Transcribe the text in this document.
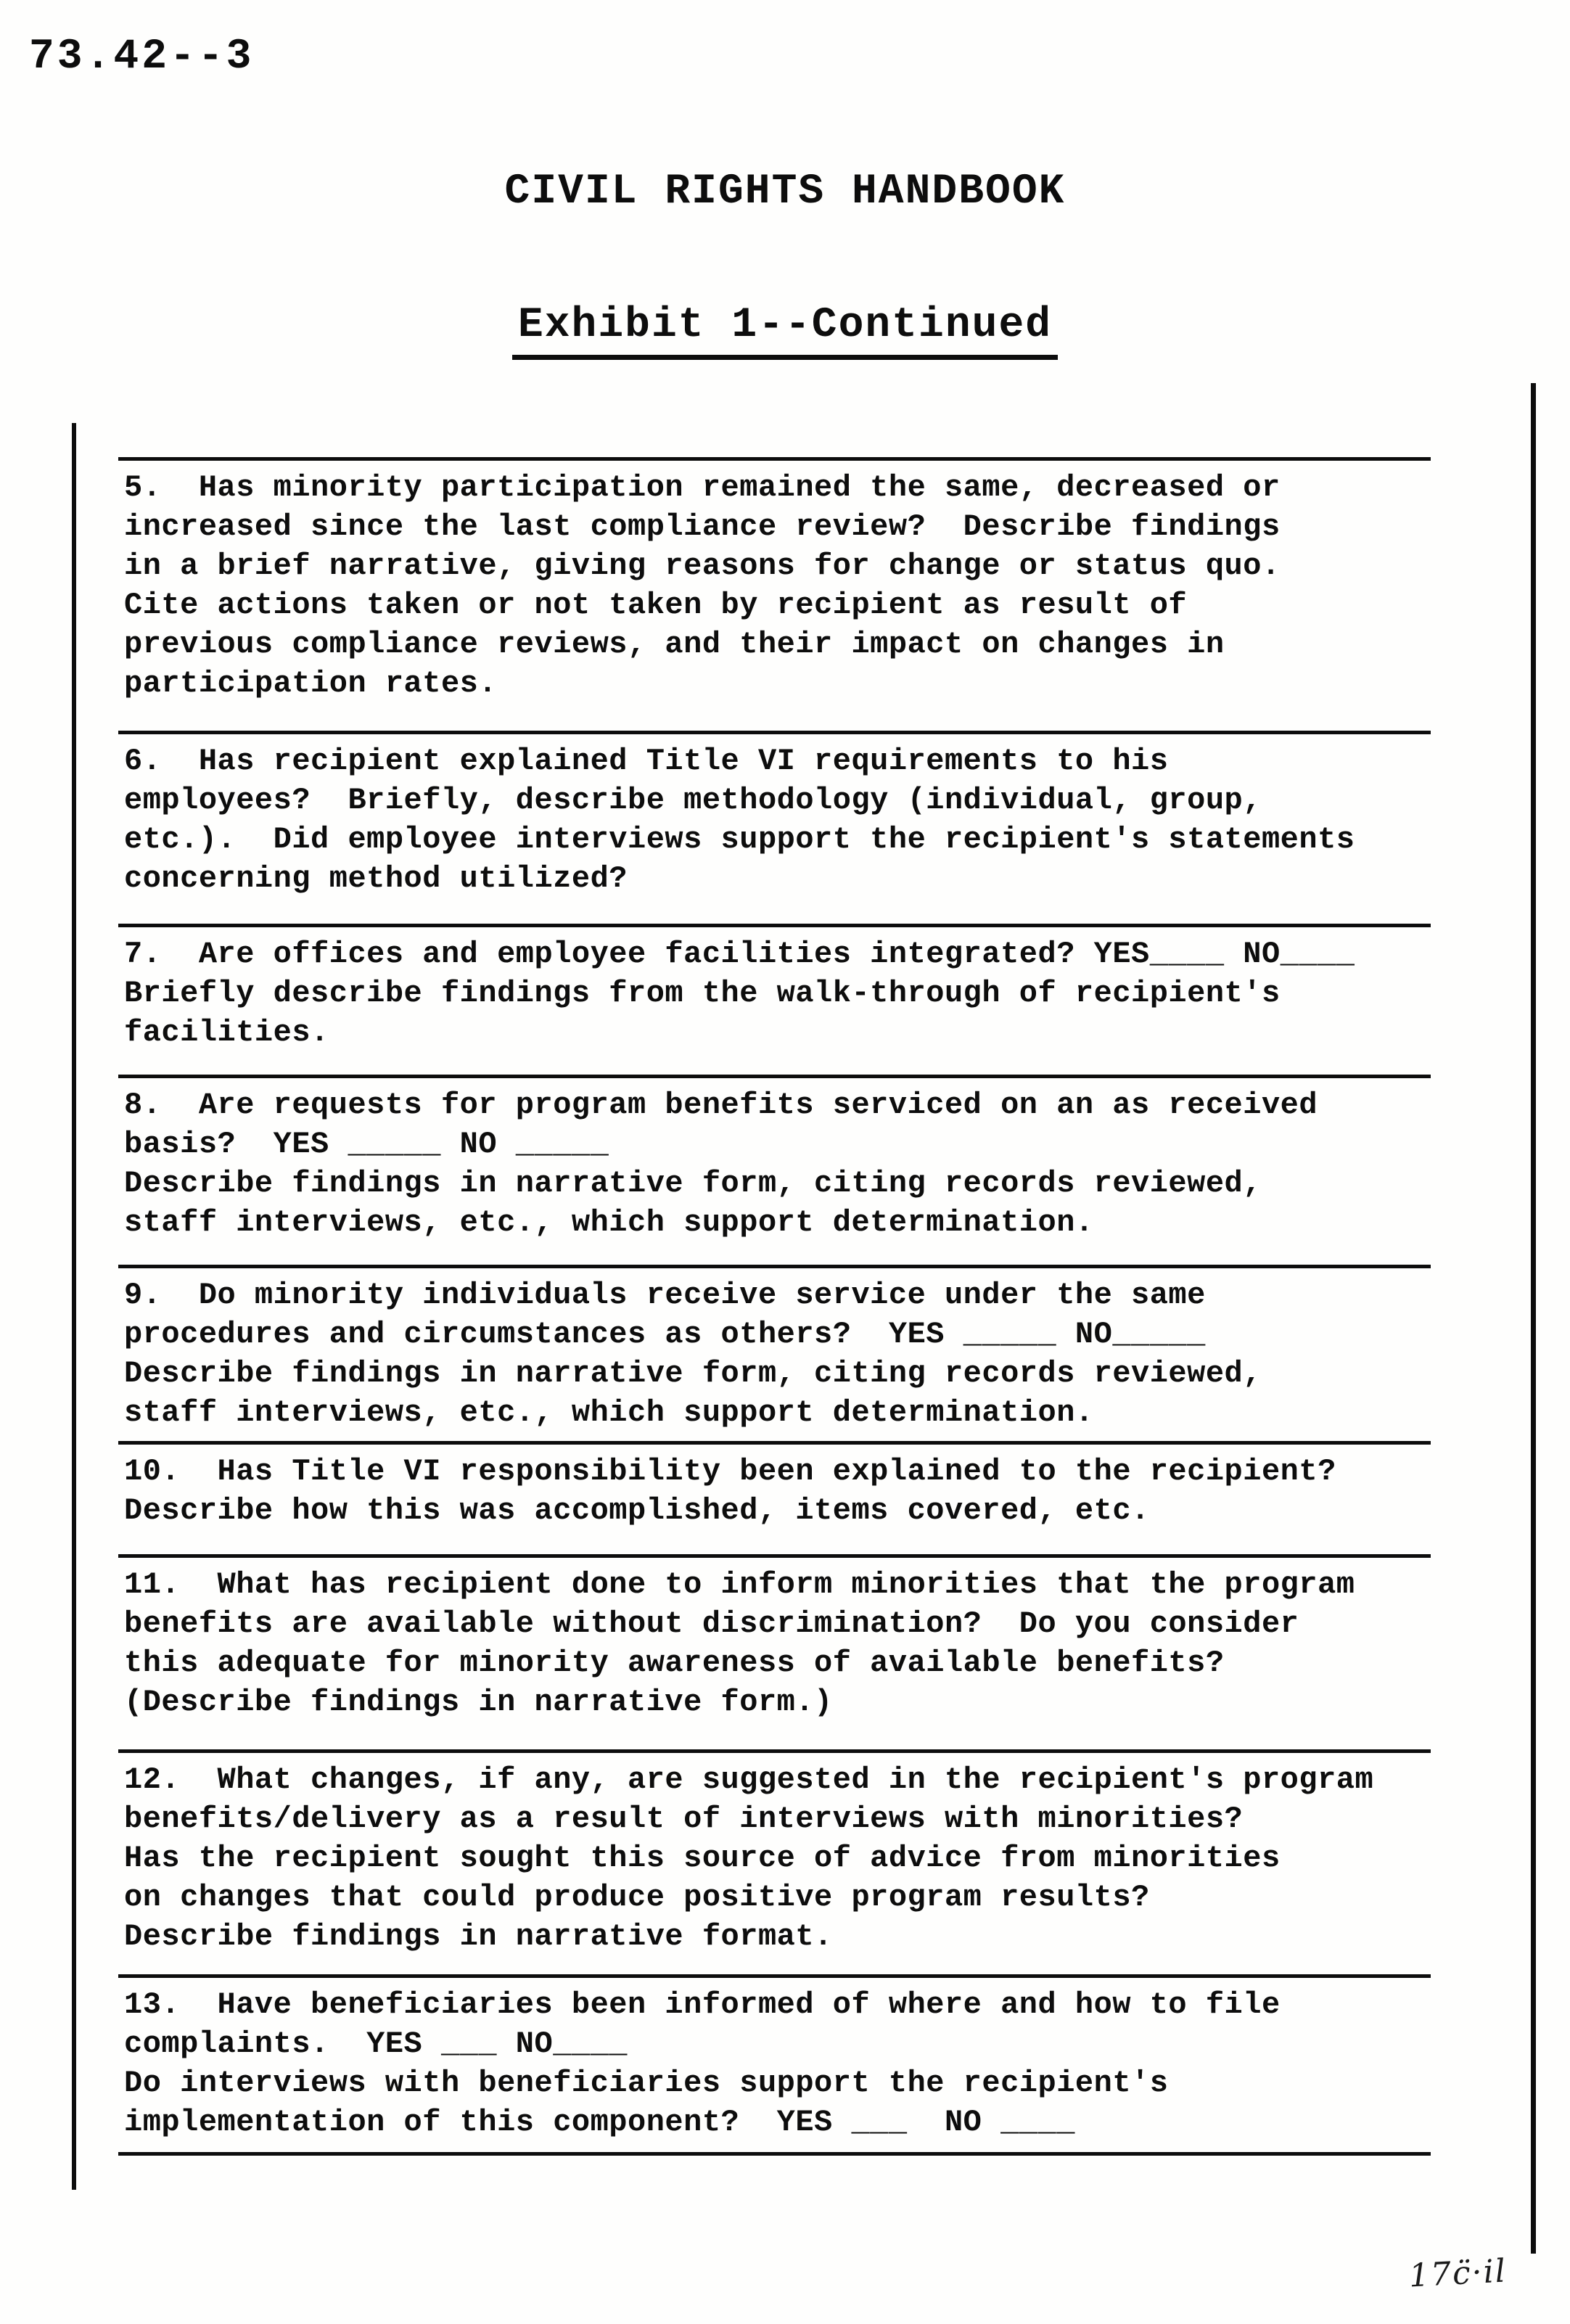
73.42--3
CIVIL RIGHTS HANDBOOK
Exhibit 1--Continued
5.  Has minority participation remained the same, decreased or
increased since the last compliance review?  Describe findings
in a brief narrative, giving reasons for change or status quo.
Cite actions taken or not taken by recipient as result of
previous compliance reviews, and their impact on changes in
participation rates.
6.  Has recipient explained Title VI requirements to his
employees?  Briefly, describe methodology (individual, group,
etc.).  Did employee interviews support the recipient's statements
concerning method utilized?
7.  Are offices and employee facilities integrated? YES____ NO____
Briefly describe findings from the walk-through of recipient's
facilities.
8.  Are requests for program benefits serviced on an as received
basis?  YES _____ NO _____
Describe findings in narrative form, citing records reviewed,
staff interviews, etc., which support determination.
9.  Do minority individuals receive service under the same
procedures and circumstances as others?  YES _____ NO_____
Describe findings in narrative form, citing records reviewed,
staff interviews, etc., which support determination.
10.  Has Title VI responsibility been explained to the recipient?
Describe how this was accomplished, items covered, etc.
11.  What has recipient done to inform minorities that the program
benefits are available without discrimination?  Do you consider
this adequate for minority awareness of available benefits?
(Describe findings in narrative form.)
12.  What changes, if any, are suggested in the recipient's program
benefits/delivery as a result of interviews with minorities?
Has the recipient sought this source of advice from minorities
on changes that could produce positive program results?
Describe findings in narrative format.
13.  Have beneficiaries been informed of where and how to file
complaints.  YES ___ NO____
Do interviews with beneficiaries support the recipient's
implementation of this component?  YES ___  NO ____
17c̈·il
